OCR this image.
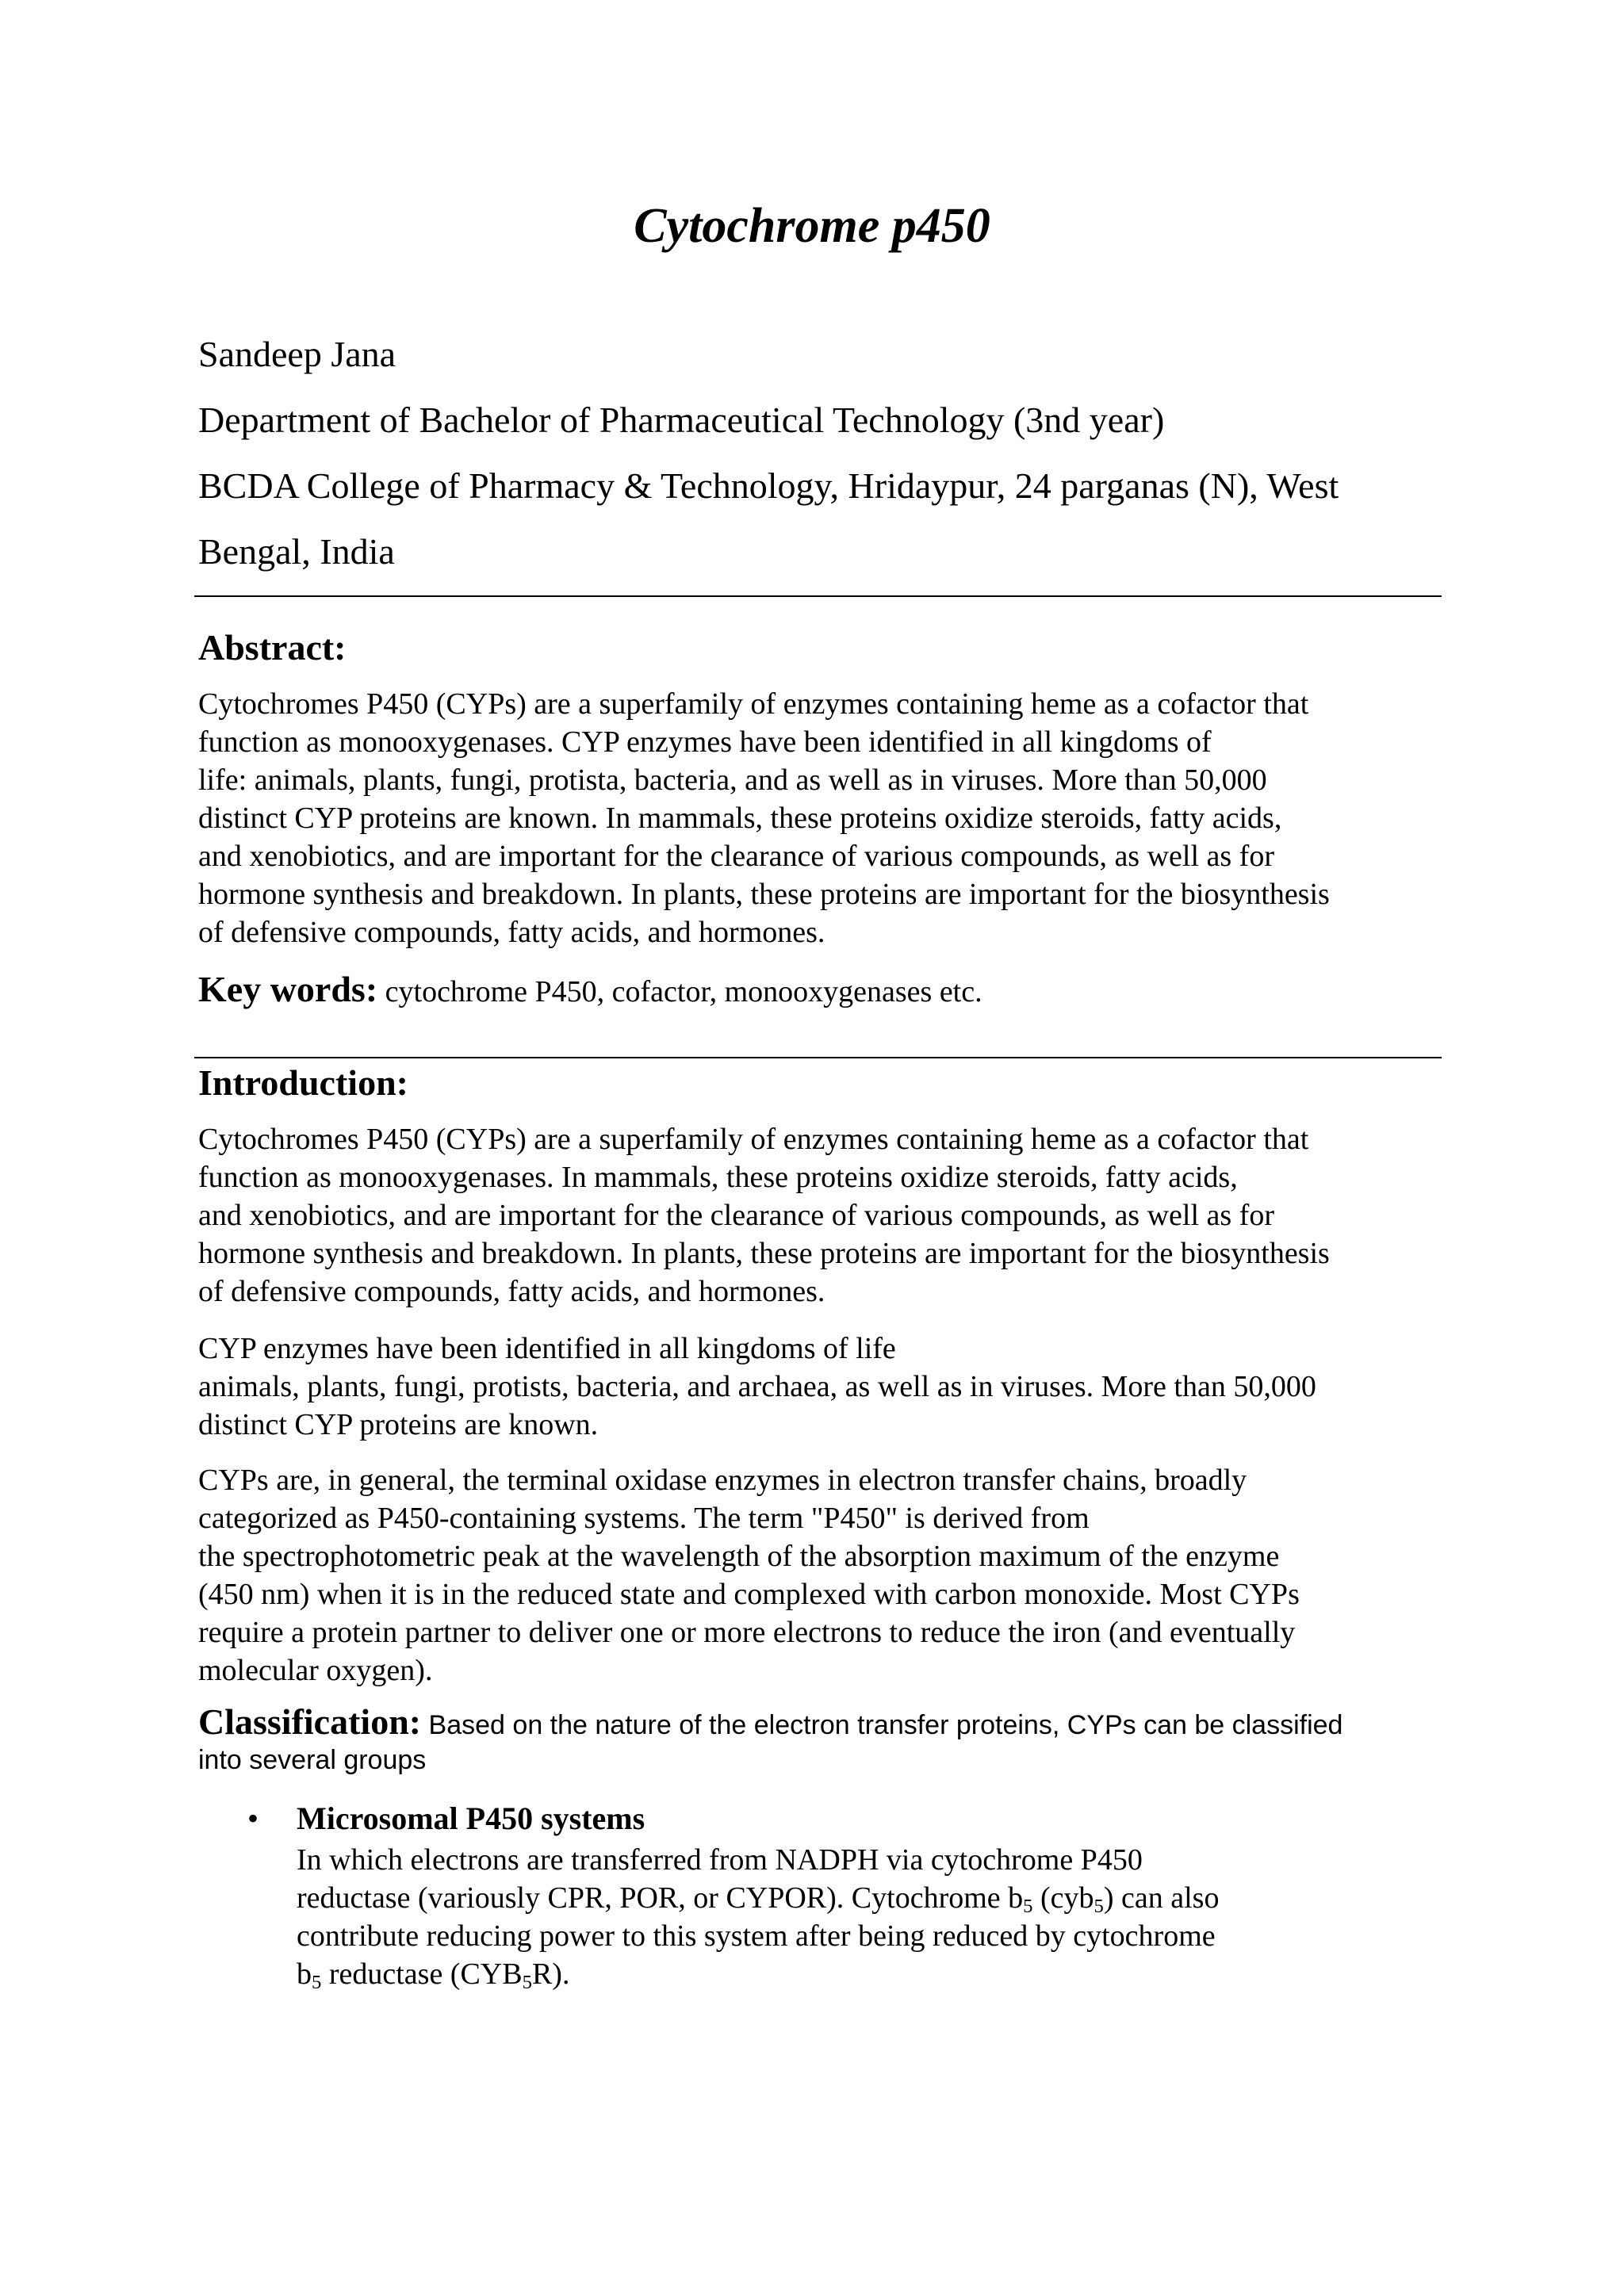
Cytochrome p450
Sandeep Jana
Department of Bachelor of Pharmaceutical Technology (3nd year)
BCDA College of Pharmacy & Technology, Hridaypur, 24 parganas (N), West
Bengal, India
Abstract:
Cytochromes P450 (CYPs) are a superfamily of enzymes containing heme as a cofactor that
function as monooxygenases. CYP enzymes have been identified in all kingdoms of
life: animals, plants, fungi, protista, bacteria, and as well as in viruses. More than 50,000
distinct CYP proteins are known. In mammals, these proteins oxidize steroids, fatty acids,
and xenobiotics, and are important for the clearance of various compounds, as well as for
hormone synthesis and breakdown. In plants, these proteins are important for the biosynthesis
of defensive compounds, fatty acids, and hormones.
Key words: cytochrome P450, cofactor, monooxygenases etc.
Introduction:
Cytochromes P450 (CYPs) are a superfamily of enzymes containing heme as a cofactor that
function as monooxygenases. In mammals, these proteins oxidize steroids, fatty acids,
and xenobiotics, and are important for the clearance of various compounds, as well as for
hormone synthesis and breakdown. In plants, these proteins are important for the biosynthesis
of defensive compounds, fatty acids, and hormones.
CYP enzymes have been identified in all kingdoms of life
animals, plants, fungi, protists, bacteria, and archaea, as well as in viruses. More than 50,000
distinct CYP proteins are known.
CYPs are, in general, the terminal oxidase enzymes in electron transfer chains, broadly
categorized as P450-containing systems. The term "P450" is derived from
the spectrophotometric peak at the wavelength of the absorption maximum of the enzyme
(450 nm) when it is in the reduced state and complexed with carbon monoxide. Most CYPs
require a protein partner to deliver one or more electrons to reduce the iron (and eventually
molecular oxygen).
Classification: Based on the nature of the electron transfer proteins, CYPs can be classified
into several groups
• Microsomal P450 systems
In which electrons are transferred from NADPH via cytochrome P450
reductase (variously CPR, POR, or CYPOR). Cytochrome $b_5$ (cyb$_5$) can also
contribute reducing power to this system after being reduced by cytochrome
$b_5$ reductase $(CYB_5R)$.
